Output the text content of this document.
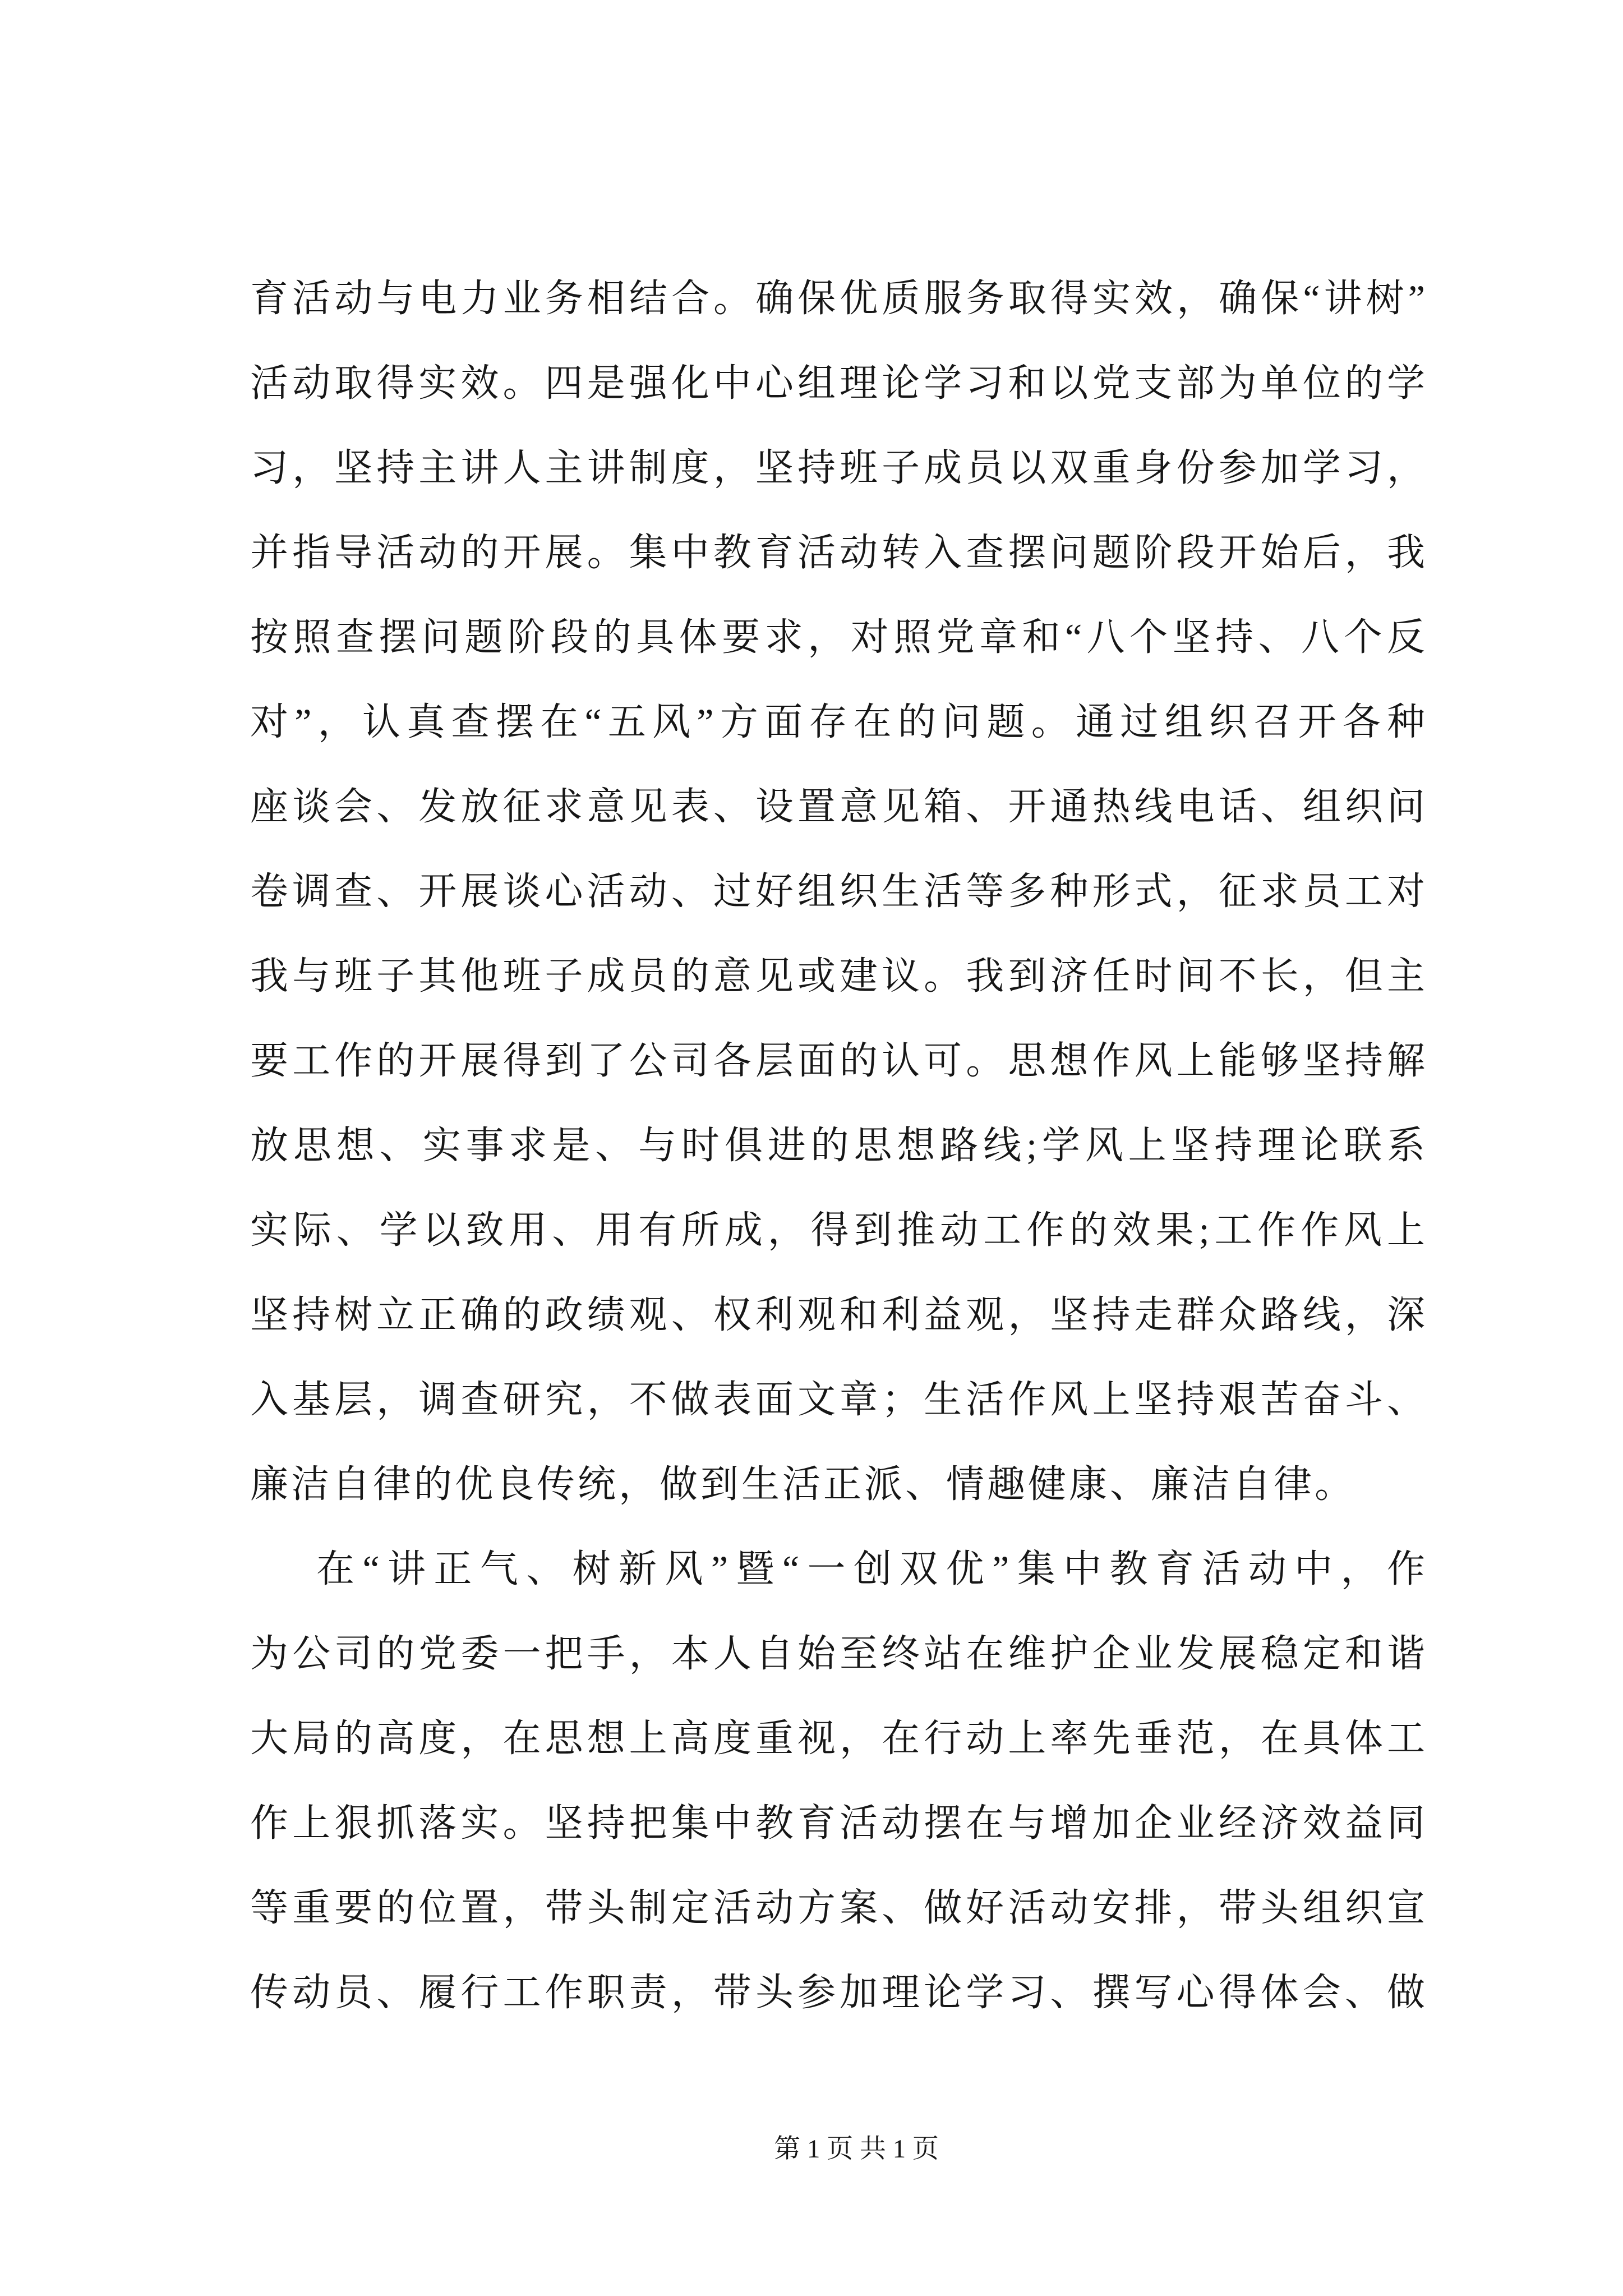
育活动与电力业务相结合。确保优质服务取得实效，确保“讲树”
活动取得实效。四是强化中心组理论学习和以党支部为单位的学
习，坚持主讲人主讲制度，坚持班子成员以双重身份参加学习，
并指导活动的开展。集中教育活动转入查摆问题阶段开始后，我
按照查摆问题阶段的具体要求，对照党章和“八个坚持、八个反
对”，认真查摆在“五风”方面存在的问题。通过组织召开各种
座谈会、发放征求意见表、设置意见箱、开通热线电话、组织问
卷调查、开展谈心活动、过好组织生活等多种形式，征求员工对
我与班子其他班子成员的意见或建议。我到济任时间不长，但主
要工作的开展得到了公司各层面的认可。思想作风上能够坚持解
放思想、实事求是、与时俱进的思想路线;学风上坚持理论联系
实际、学以致用、用有所成，得到推动工作的效果;工作作风上
坚持树立正确的政绩观、权利观和利益观，坚持走群众路线，深
入基层，调查研究，不做表面文章；生活作风上坚持艰苦奋斗、
廉洁自律的优良传统，做到生活正派、情趣健康、廉洁自律。
在“讲正气、树新风”暨“一创双优”集中教育活动中，作
为公司的党委一把手，本人自始至终站在维护企业发展稳定和谐
大局的高度，在思想上高度重视，在行动上率先垂范，在具体工
作上狠抓落实。坚持把集中教育活动摆在与增加企业经济效益同
等重要的位置，带头制定活动方案、做好活动安排，带头组织宣
传动员、履行工作职责，带头参加理论学习、撰写心得体会、做
第 1 页 共 1 页
